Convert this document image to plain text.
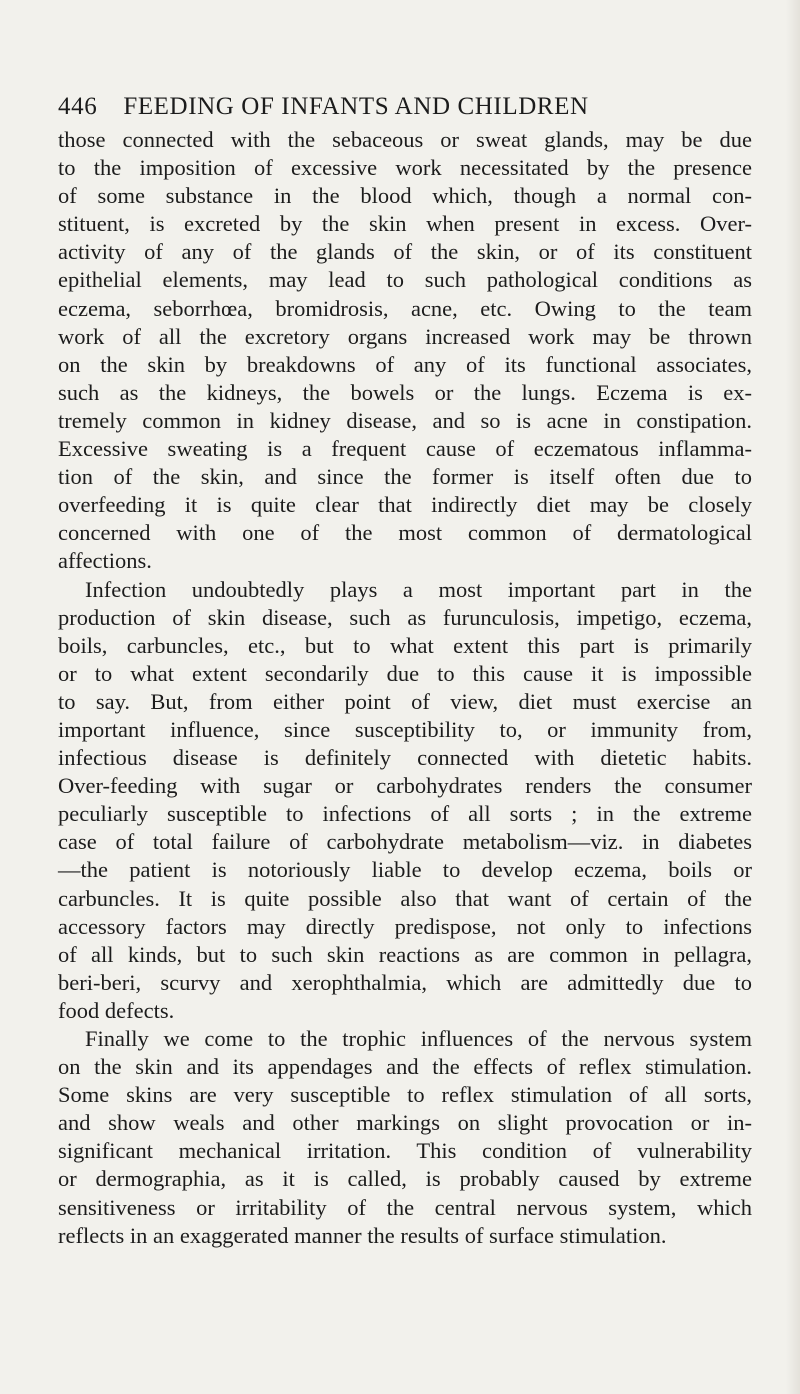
446 FEEDING OF INFANTS AND CHILDREN

those connected with the sebaceous or sweat glands, may be due

to the imposition of excessive work necessitated by the presence

of some substance in the blood which, though a normal con-

stituent, is excreted by the skin when present in excess. Over-

activity of any of the glands of the skin, or of its constituent

epithelial elements, may lead to such pathological conditions as

eczema, seborrhœa, bromidrosis, acne, etc. Owing to the team

work of all the excretory organs increased work may be thrown

on the skin by breakdowns of any of its functional associates,

such as the kidneys, the bowels or the lungs. Eczema is ex-

tremely common in kidney disease, and so is acne in constipation.

Excessive sweating is a frequent cause of eczematous inflamma-

tion of the skin, and since the former is itself often due to

overfeeding it is quite clear that indirectly diet may be closely

concerned with one of the most common of dermatological

affections.

Infection undoubtedly plays a most important part in the

production of skin disease, such as furunculosis, impetigo, eczema,

boils, carbuncles, etc., but to what extent this part is primarily

or to what extent secondarily due to this cause it is impossible

to say. But, from either point of view, diet must exercise an

important influence, since susceptibility to, or immunity from,

infectious disease is definitely connected with dietetic habits.

Over-feeding with sugar or carbohydrates renders the consumer

peculiarly susceptible to infections of all sorts ; in the extreme

case of total failure of carbohydrate metabolism—viz. in diabetes

—the patient is notoriously liable to develop eczema, boils or

carbuncles. It is quite possible also that want of certain of the

accessory factors may directly predispose, not only to infections

of all kinds, but to such skin reactions as are common in pellagra,

beri-beri, scurvy and xerophthalmia, which are admittedly due to

food defects.

Finally we come to the trophic influences of the nervous system

on the skin and its appendages and the effects of reflex stimulation.

Some skins are very susceptible to reflex stimulation of all sorts,

and show weals and other markings on slight provocation or in-

significant mechanical irritation. This condition of vulnerability

or dermographia, as it is called, is probably caused by extreme

sensitiveness or irritability of the central nervous system, which

reflects in an exaggerated manner the results of surface stimulation.
